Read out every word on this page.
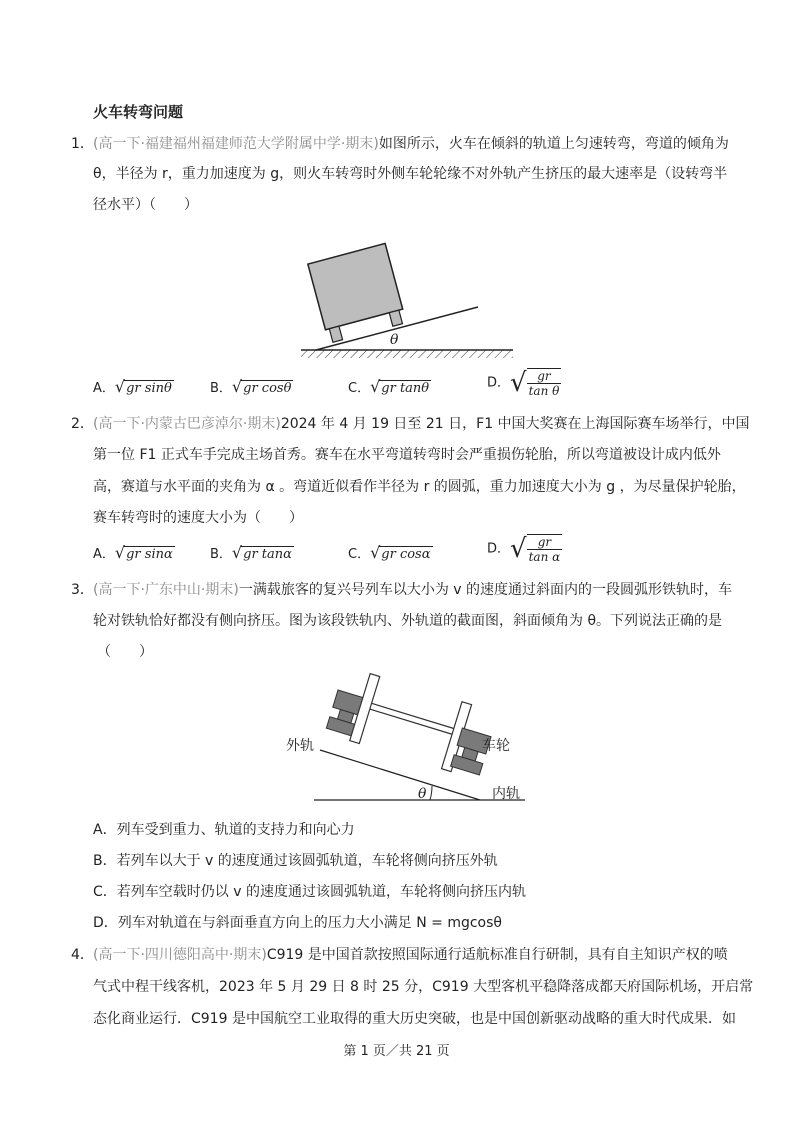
火车转弯问题
1． (高一下·福建福州福建师范大学附属中学·期末)如图所示，火车在倾斜的轨道上匀速转弯，弯道的倾角为
θ，半径为 r，重力加速度为 g，则火车转弯时外侧车轮轮缘不对外轨产生挤压的最大速率是（设转弯半
径水平）（　　）
θ
A．√gr sinθ	B．√gr cosθ	C．√gr tanθ	D．√ $\frac{gr}{\text{tan θ}}$
2． (高一下·内蒙古巴彦淖尔·期末)2024 年 4 月 19 日至 21 日，F1 中国大奖赛在上海国际赛车场举行，中国
第一位 F1 正式车手完成主场首秀。赛车在水平弯道转弯时会严重损伤轮胎，所以弯道被设计成内低外
高，赛道与水平面的夹角为 α 。弯道近似看作半径为 r 的圆弧，重力加速度大小为 g ，为尽量保护轮胎，
赛车转弯时的速度大小为（　　）
A．√gr sinα	B．√gr tanα	C．√gr cosα	D．√ $\frac{gr}{\text{tan α}}$
3． (高一下·广东中山·期末)一满载旅客的复兴号列车以大小为 v 的速度通过斜面内的一段圆弧形铁轨时，车
轮对铁轨恰好都没有侧向挤压。图为该段铁轨内、外轨道的截面图，斜面倾角为 θ。下列说法正确的是
（　　）
外轨	车轮
内轨
θ
A．列车受到重力、轨道的支持力和向心力
B．若列车以大于 v 的速度通过该圆弧轨道，车轮将侧向挤压外轨
C．若列车空载时仍以 v 的速度通过该圆弧轨道，车轮将侧向挤压内轨
D．列车对轨道在与斜面垂直方向上的压力大小满足 N = mgcosθ
4． (高一下·四川德阳高中·期末)C919 是中国首款按照国际通行适航标准自行研制，具有自主知识产权的喷
气式中程干线客机，2023 年 5 月 29 日 8 时 25 分，C919 大型客机平稳降落成都天府国际机场，开启常
态化商业运行．C919 是中国航空工业取得的重大历史突破，也是中国创新驱动战略的重大时代成果．如
第 1 页／共 21 页
